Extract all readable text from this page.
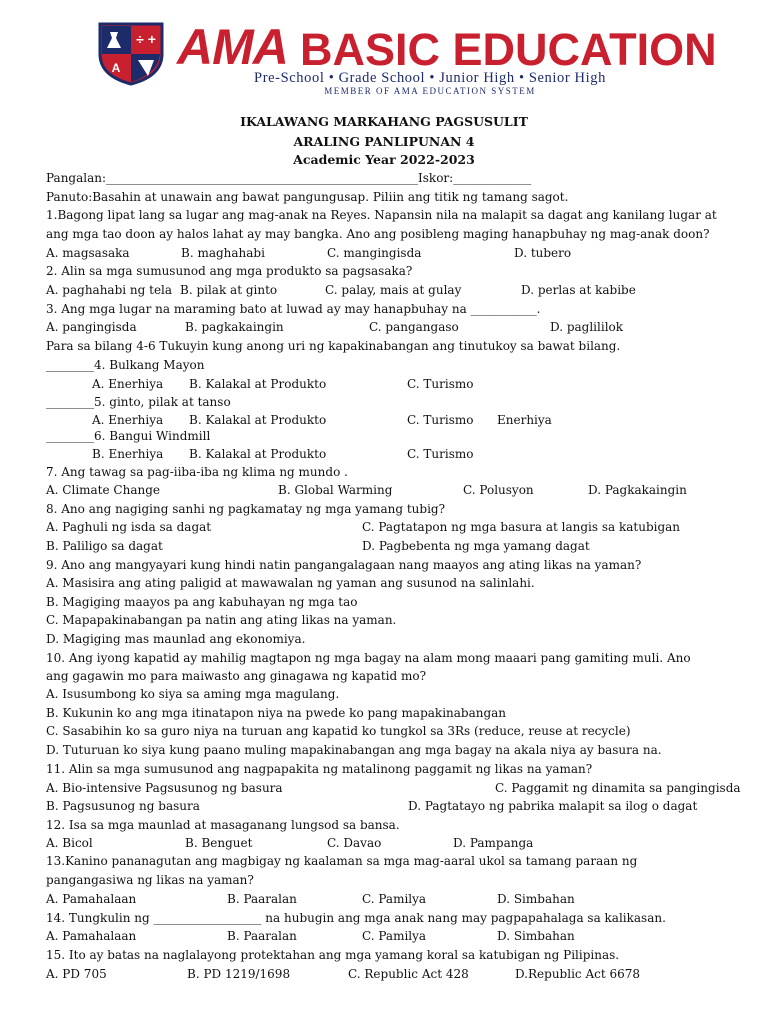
÷ +
A AMA BASIC EDUCATION
Pre-School • Grade School • Junior High • Senior High
MEMBER OF AMA EDUCATION SYSTEM
IKALAWANG MARKAHANG PAGSUSULIT
ARALING PANLIPUNAN 4
Academic Year 2022-2023
Pangalan:____________________________________________________Iskor:_____________
Panuto:Basahin at unawain ang bawat pangungusap. Piliin ang titik ng tamang sagot.
1.Bagong lipat lang sa lugar ang mag-anak na Reyes. Napansin nila na malapit sa dagat ang kanilang lugar at
ang mga tao doon ay halos lahat ay may bangka. Ano ang posibleng maging hanapbuhay ng mag-anak doon?
A. magsasaka	B. maghahabi	C. mangingisda	D. tubero
2. Alin sa mga sumusunod ang mga produkto sa pagsasaka?
A. paghahabi ng tela B. pilak at ginto	C. palay, mais at gulay	D. perlas at kabibe
3. Ang mga lugar na maraming bato at luwad ay may hanapbuhay na ___________.
A. pangingisda	B. pagkakaingin	C. pangangaso	D. paglililok
Para sa bilang 4-6 Tukuyin kung anong uri ng kapakinabangan ang tinutukoy sa bawat bilang.
________4. Bulkang Mayon
A. Enerhiya B. Kalakal at Produkto	C. Turismo
________5. ginto, pilak at tanso
A. Enerhiya B. Kalakal at Produkto	C. Turismo Enerhiya
________6. Bangui Windmill
B. Enerhiya B. Kalakal at Produkto	C. Turismo
7. Ang tawag sa pag-iiba-iba ng klima ng mundo .
A. Climate Change	B. Global Warming	C. Polusyon	D. Pagkakaingin
8. Ano ang nagiging sanhi ng pagkamatay ng mga yamang tubig?
A. Paghuli ng isda sa dagat	C. Pagtatapon ng mga basura at langis sa katubigan
B. Paliligo sa dagat	D. Pagbebenta ng mga yamang dagat
9. Ano ang mangyayari kung hindi natin pangangalagaan nang maayos ang ating likas na yaman?
A. Masisira ang ating paligid at mawawalan ng yaman ang susunod na salinlahi.
B. Magiging maayos pa ang kabuhayan ng mga tao
C. Mapapakinabangan pa natin ang ating likas na yaman.
D. Magiging mas maunlad ang ekonomiya.
10. Ang iyong kapatid ay mahilig magtapon ng mga bagay na alam mong maaari pang gamiting muli. Ano
ang gagawin mo para maiwasto ang ginagawa ng kapatid mo?
A. Isusumbong ko siya sa aming mga magulang.
B. Kukunin ko ang mga itinatapon niya na pwede ko pang mapakinabangan
C. Sasabihin ko sa guro niya na turuan ang kapatid ko tungkol sa 3Rs (reduce, reuse at recycle)
D. Tuturuan ko siya kung paano muling mapakinabangan ang mga bagay na akala niya ay basura na.
11. Alin sa mga sumusunod ang nagpapakita ng matalinong paggamit ng likas na yaman?
A. Bio-intensive Pagsusunog ng basura	C. Paggamit ng dinamita sa pangingisda
B. Pagsusunog ng basura	D. Pagtatayo ng pabrika malapit sa ilog o dagat
12. Isa sa mga maunlad at masaganang lungsod sa bansa.
A. Bicol	B. Benguet	C. Davao	D. Pampanga
13.Kanino pananagutan ang magbigay ng kaalaman sa mga mag-aaral ukol sa tamang paraan ng
pangangasiwa ng likas na yaman?
A. Pamahalaan	B. Paaralan	C. Pamilya	D. Simbahan
14. Tungkulin ng __________________ na hubugin ang mga anak nang may pagpapahalaga sa kalikasan.
A. Pamahalaan	B. Paaralan	C. Pamilya	D. Simbahan
15. Ito ay batas na naglalayong protektahan ang mga yamang koral sa katubigan ng Pilipinas.
A. PD 705	B. PD 1219/1698	C. Republic Act 428	D.Republic Act 6678
